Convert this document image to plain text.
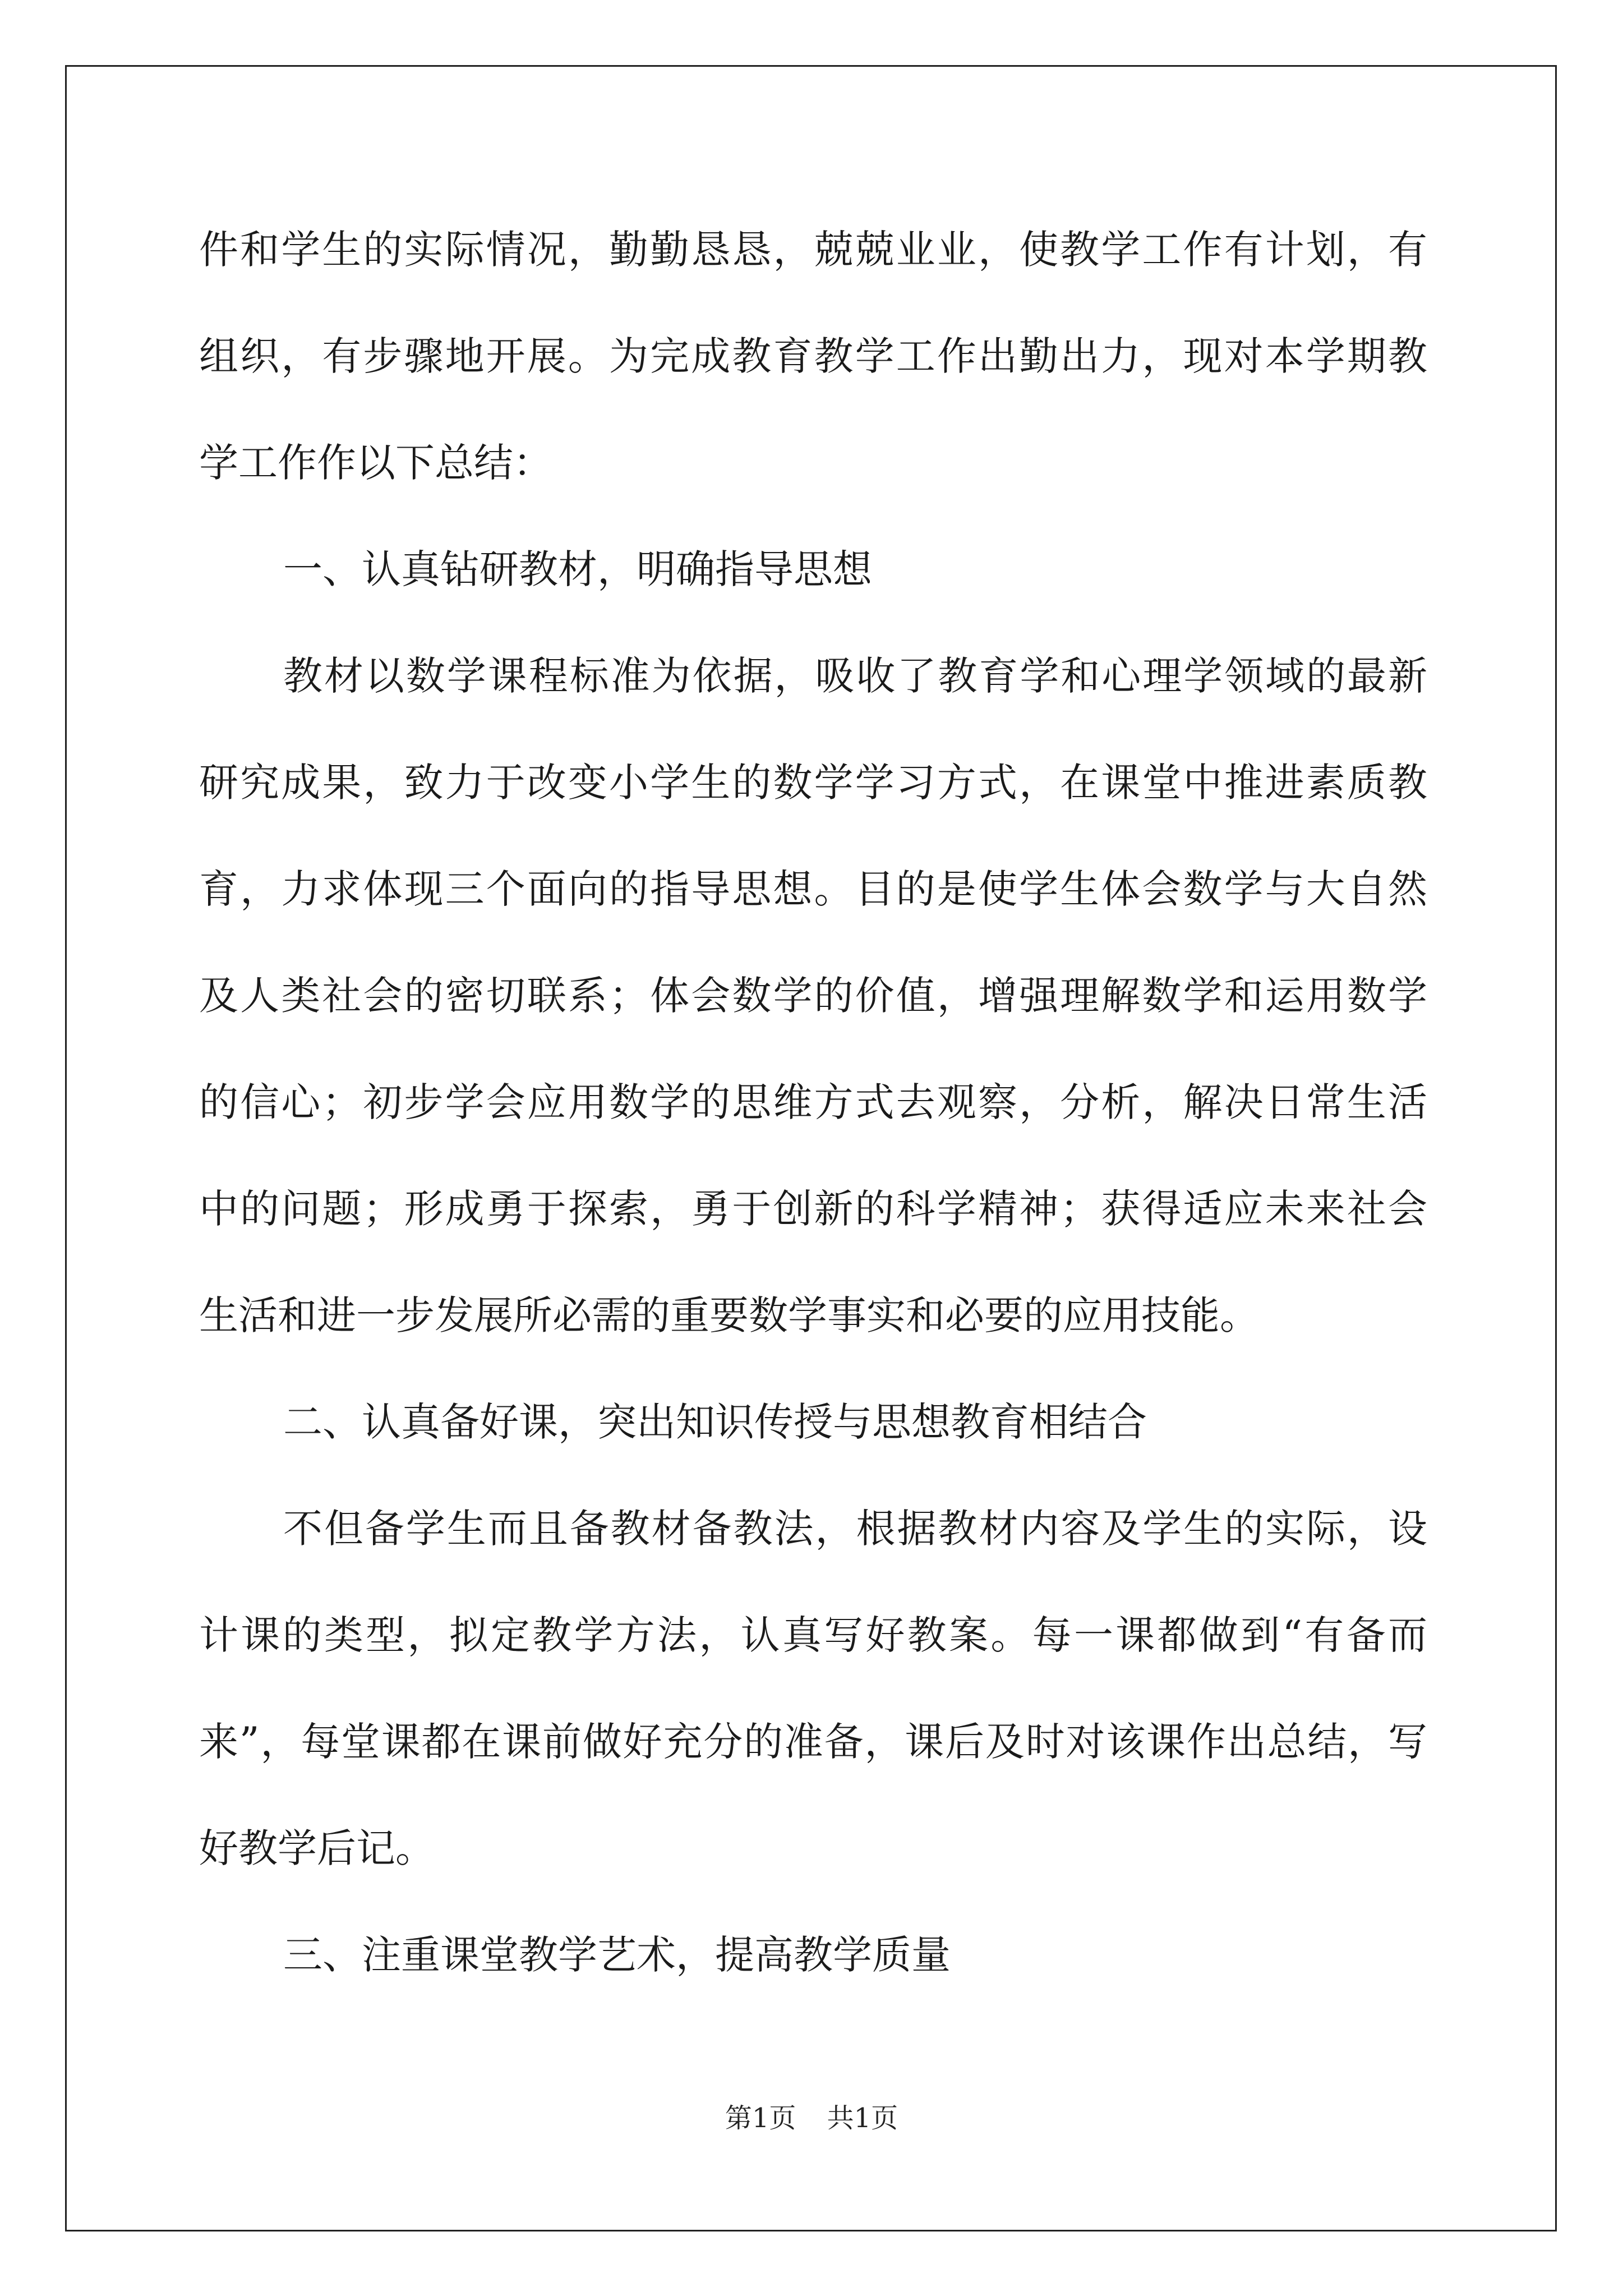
件和学生的实际情况，勤勤恳恳，兢兢业业，使教学工作有计划，有
组织，有步骤地开展。为完成教育教学工作出勤出力，现对本学期教
学工作作以下总结：
一、认真钻研教材，明确指导思想
教材以数学课程标准为依据，吸收了教育学和心理学领域的最新
研究成果，致力于改变小学生的数学学习方式，在课堂中推进素质教
育，力求体现三个面向的指导思想。目的是使学生体会数学与大自然
及人类社会的密切联系；体会数学的价值，增强理解数学和运用数学
的信心；初步学会应用数学的思维方式去观察，分析，解决日常生活
中的问题；形成勇于探索，勇于创新的科学精神；获得适应未来社会
生活和进一步发展所必需的重要数学事实和必要的应用技能。
二、认真备好课，突出知识传授与思想教育相结合
不但备学生而且备教材备教法，根据教材内容及学生的实际，设
计课的类型，拟定教学方法，认真写好教案。每一课都做到“有备而
来”，每堂课都在课前做好充分的准备，课后及时对该课作出总结，写
好教学后记。
三、注重课堂教学艺术，提高教学质量
第1页 共1页
